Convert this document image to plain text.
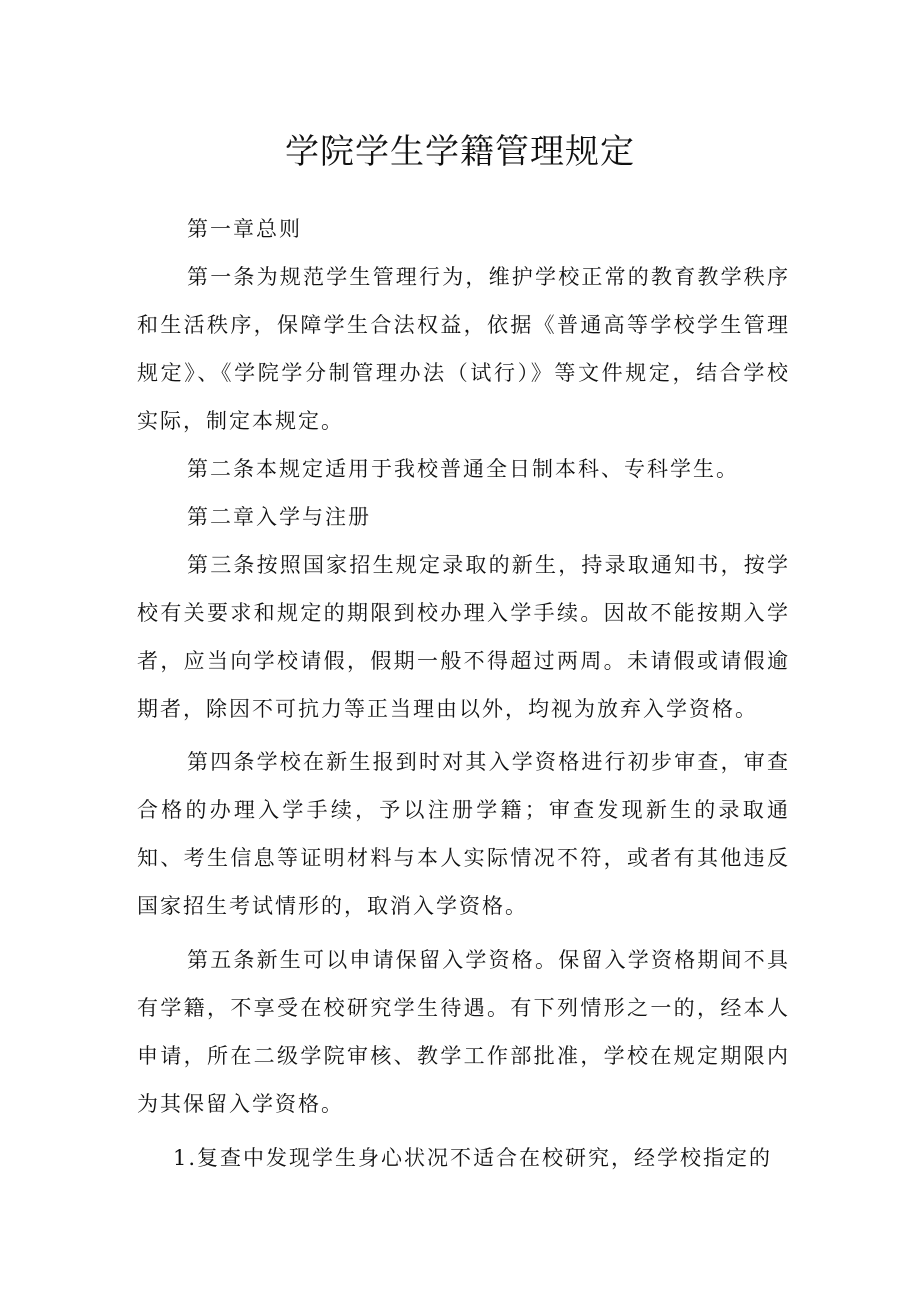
学院学生学籍管理规定

第一章总则

第一条为规范学生管理行为，维护学校正常的教育教学秩序和生活秩序，保障学生合法权益，依据《普通高等学校学生管理规定》、《学院学分制管理办法（试行）》等文件规定，结合学校实际，制定本规定。

第二条本规定适用于我校普通全日制本科、专科学生。

第二章入学与注册

第三条按照国家招生规定录取的新生，持录取通知书，按学校有关要求和规定的期限到校办理入学手续。因故不能按期入学者，应当向学校请假，假期一般不得超过两周。未请假或请假逾期者，除因不可抗力等正当理由以外，均视为放弃入学资格。

第四条学校在新生报到时对其入学资格进行初步审查，审查合格的办理入学手续，予以注册学籍；审查发现新生的录取通知、考生信息等证明材料与本人实际情况不符，或者有其他违反国家招生考试情形的，取消入学资格。

第五条新生可以申请保留入学资格。保留入学资格期间不具有学籍，不享受在校研究学生待遇。有下列情形之一的，经本人申请，所在二级学院审核、教学工作部批准，学校在规定期限内为其保留入学资格。

1.复查中发现学生身心状况不适合在校研究，经学校指定的
